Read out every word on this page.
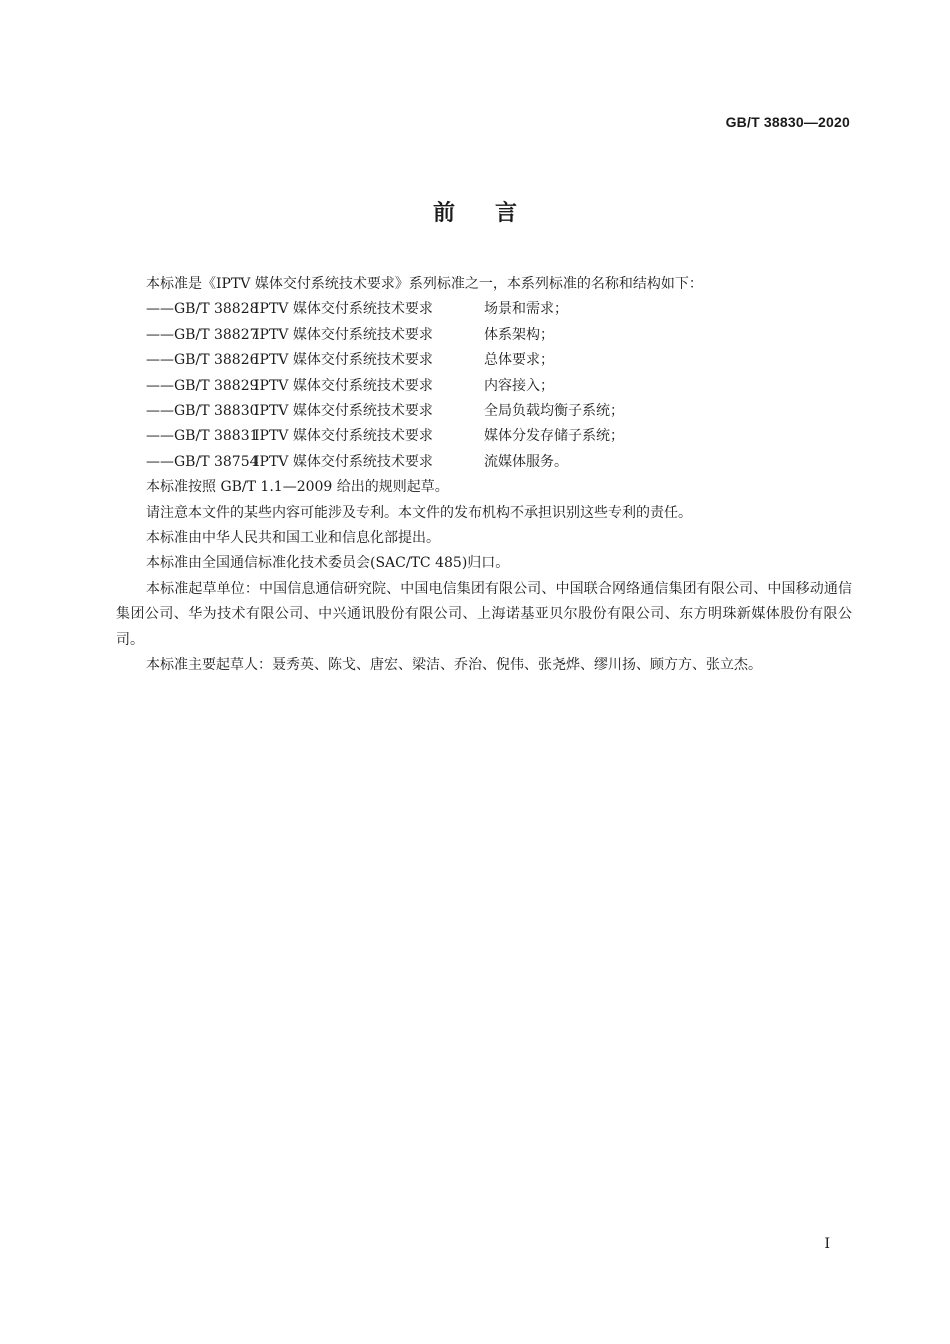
GB/T 38830—2020
前 言

本标准是《IPTV 媒体交付系统技术要求》系列标准之一，本系列标准的名称和结构如下：

——GB/T 38828IPTV 媒体交付系统技术要求	场景和需求；

——GB/T 38827IPTV 媒体交付系统技术要求	体系架构；

——GB/T 38826IPTV 媒体交付系统技术要求	总体要求；

——GB/T 38829IPTV 媒体交付系统技术要求	内容接入；

——GB/T 38830IPTV 媒体交付系统技术要求	全局负载均衡子系统；

——GB/T 38831IPTV 媒体交付系统技术要求	媒体分发存储子系统；

——GB/T 38754IPTV 媒体交付系统技术要求	流媒体服务。

本标准按照 GB/T 1.1—2009 给出的规则起草。

请注意本文件的某些内容可能涉及专利。本文件的发布机构不承担识别这些专利的责任。

本标准由中华人民共和国工业和信息化部提出。

本标准由全国通信标准化技术委员会(SAC/TC 485)归口。

本标准起草单位：中国信息通信研究院、中国电信集团有限公司、中国联合网络通信集团有限公司、中国移动通信集团公司、华为技术有限公司、中兴通讯股份有限公司、上海诺基亚贝尔股份有限公司、东方明珠新媒体股份有限公司。

本标准主要起草人：聂秀英、陈戈、唐宏、梁洁、乔治、倪伟、张尧烨、缪川扬、顾方方、张立杰。

I
